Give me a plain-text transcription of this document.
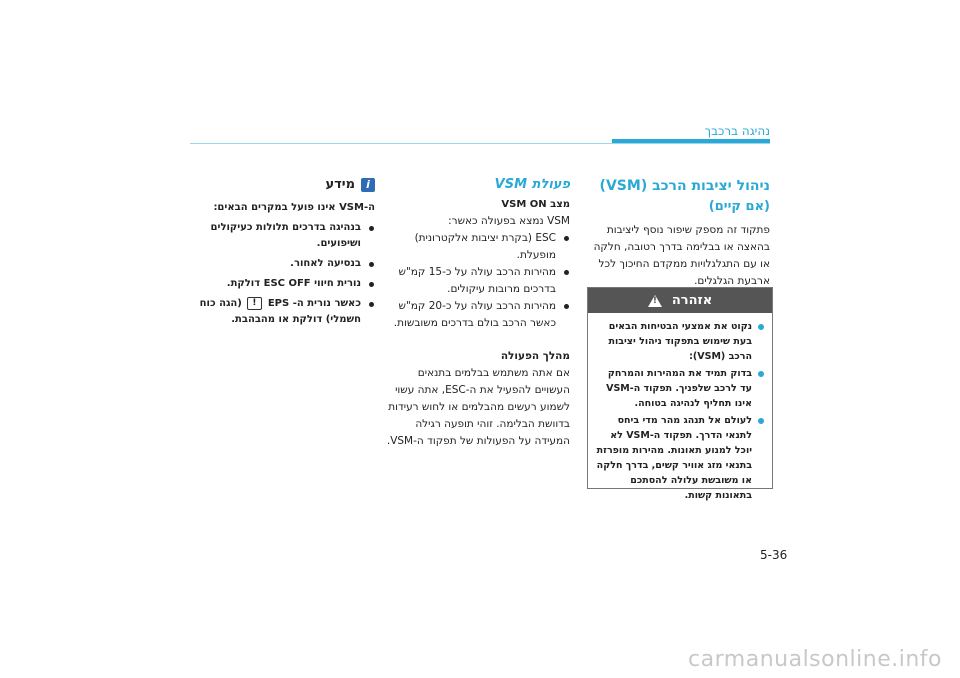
נהיגה ברכבך

ניהול יציבות הרכב (VSM)

(אם קיים)

פתקוד זה מספק שיפור נוסף ליציבות בהאצה או בבלימה בדרך רטובה, חלקה או עם התגלגלויות ממקדם החיכוך לכל ארבעת הגלגלים.

אזהרה
!
נקוט את אמצעי הבטיחות הבאים בעת שימוש בתפקוד ניהול יציבות הרכב (VSM):
בדוק תמיד את המהירות והמרחק עד לרכב שלפניך. תפקוד ה-VSM אינו תחליף לנהיגה בטוחה.
לעולם אל תנהג מהר מדי ביחס לתנאי הדרך. תפקוד ה-VSM לא יוכל למנוע תאונות. מהירות מופרזת בתנאי מזג אוויר קשים, בדרך חלקה או משובשת עלולה להסתכם בתאונות קשות.

פעולת VSM

מצב VSM ON

VSM נמצא בפעולה כאשר:

ESC (בקרת יציבות אלקטרונית) מופעלת.
מהירות הרכב עולה על כ-15 קמ"ש בדרכים מרובות עיקולים.
מהירות הרכב עולה על כ-20 קמ"ש כאשר הרכב בולם בדרכים משובשות.

מהלך הפעולה

אם אתה משתמש בבלמים בתנאים העשויים להפעיל את ה-ESC, אתה עשוי לשמוע רעשים מהבלמים או לחוש רעידות בדוושת הבלימה. זוהי תופעה רגילה המעידה על הפעולות של תפקוד ה-VSM.

i
מידע

ה-VSM אינו פועל במקרים הבאים:

בנהיגה בדרכים תלולות כעיקולים ושיפועים.
בנסיעה לאחור.
נורית חיווי ESC OFF דולקת.
כאשר נורית ה- EPS ! (הגה כוח חשמלי) דולקת או מהבהבת.
5-36
carmanualsonline.info
